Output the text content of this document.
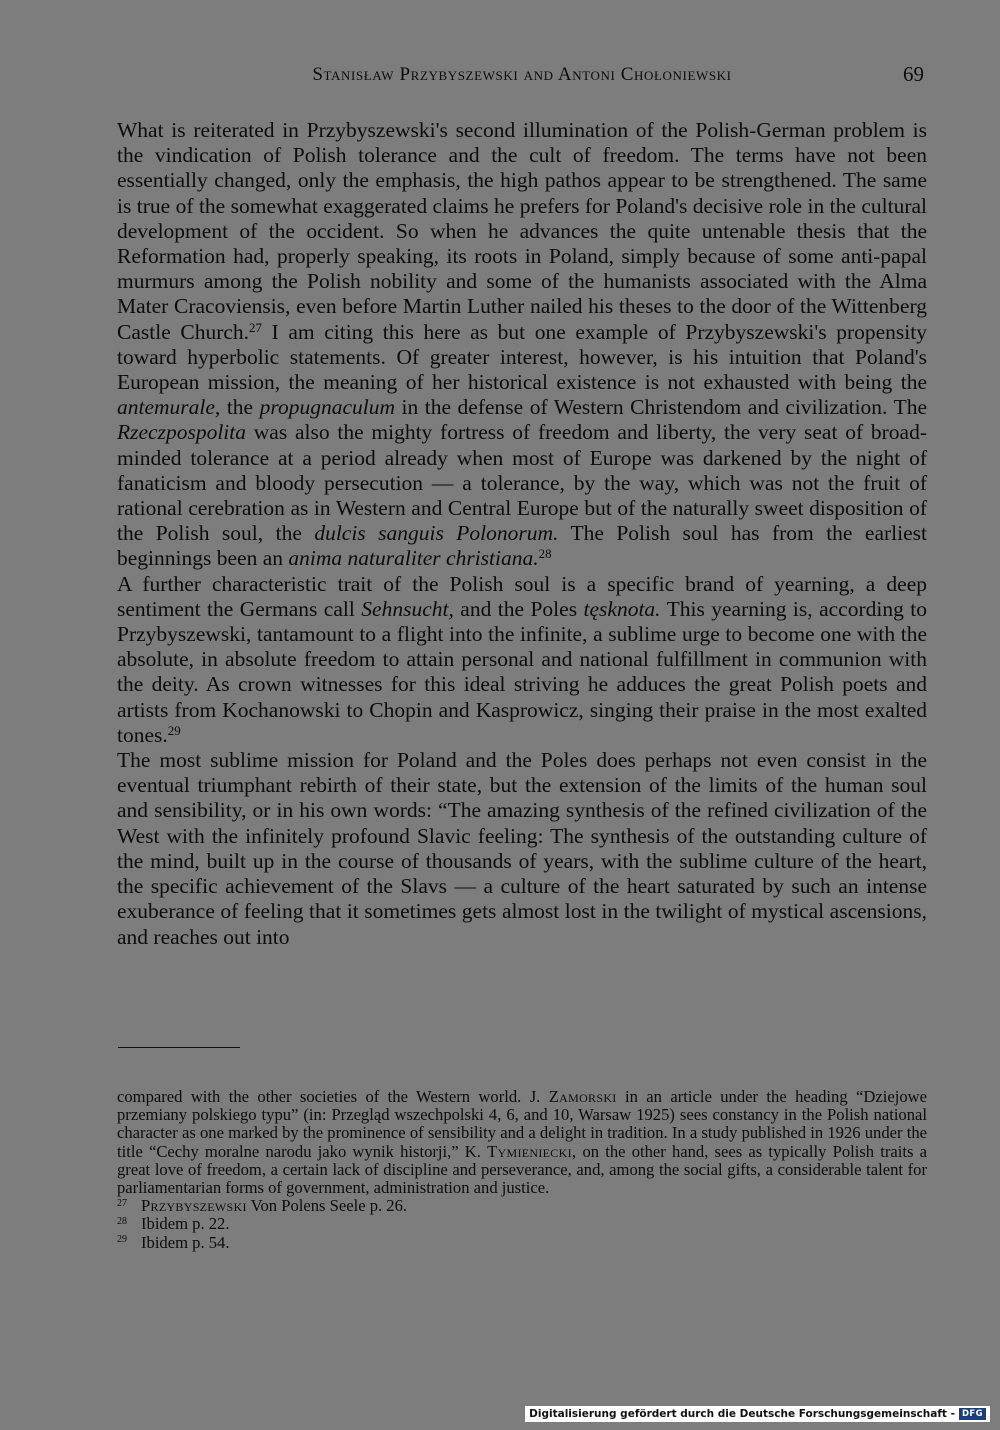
Stanisław Przybyszewski and Antoni Chołoniewski	69

What is reiterated in Przybyszewski's second illumination of the Polish-German problem is the vindication of Polish tolerance and the cult of freedom. The terms have not been essentially changed, only the emphasis, the high pathos appear to be strengthened. The same is true of the somewhat exaggerated claims he prefers for Poland's decisive role in the cultural development of the occident. So when he advances the quite untenable thesis that the Reformation had, properly speaking, its roots in Poland, simply because of some anti-papal murmurs among the Polish nobility and some of the humanists associated with the Alma Mater Cracoviensis, even before Martin Luther nailed his theses to the door of the Wittenberg Castle Church.$^{27}$ I am citing this here as but one example of Przybyszewski's propensity toward hyperbolic statements. Of greater interest, however, is his intuition that Poland's European mission, the meaning of her historical existence is not exhausted with being the antemurale, the propugnaculum in the defense of Western Christendom and civilization. The Rzeczpospolita was also the mighty fortress of freedom and liberty, the very seat of broad-minded tolerance at a period already when most of Europe was darkened by the night of fanaticism and bloody persecution — a tolerance, by the way, which was not the fruit of rational cerebration as in Western and Central Europe but of the naturally sweet disposition of the Polish soul, the dulcis sanguis Polonorum. The Polish soul has from the earliest beginnings been an anima naturaliter christiana.$^{28}$

A further characteristic trait of the Polish soul is a specific brand of yearning, a deep sentiment the Germans call Sehnsucht, and the Poles tęsknota. This yearning is, according to Przybyszewski, tantamount to a flight into the infinite, a sublime urge to become one with the absolute, in absolute freedom to attain personal and national fulfillment in communion with the deity. As crown witnesses for this ideal striving he adduces the great Polish poets and artists from Kochanowski to Chopin and Kasprowicz, singing their praise in the most exalted tones.$^{29}$

The most sublime mission for Poland and the Poles does perhaps not even consist in the eventual triumphant rebirth of their state, but the extension of the limits of the human soul and sensibility, or in his own words: “The amazing synthesis of the refined civilization of the West with the infinitely profound Slavic feeling: The synthesis of the outstanding culture of the mind, built up in the course of thousands of years, with the sublime culture of the heart, the specific achievement of the Slavs — a culture of the heart saturated by such an intense exuberance of feeling that it sometimes gets almost lost in the twilight of mystical ascensions, and reaches out into

compared with the other societies of the Western world. J. Zamorski in an article under the heading “Dziejowe przemiany polskiego typu” (in: Przegląd wszechpolski 4, 6, and 10, Warsaw 1925) sees constancy in the Polish national character as one marked by the prominence of sensibility and a delight in tradition. In a study published in 1926 under the title “Cechy moralne narodu jako wynik historji,” K. Tymieniecki, on the other hand, sees as typically Polish traits a great love of freedom, a certain lack of discipline and perseverance, and, among the social gifts, a considerable talent for parliamentarian forms of government, administration and justice.

$^{27}$ Przybyszewski Von Polens Seele p. 26.

$^{28}$ Ibidem p. 22.

$^{29}$ Ibidem p. 54.

Digitalisierung gefördert durch die Deutsche Forschungsgemeinschaft - DFG
